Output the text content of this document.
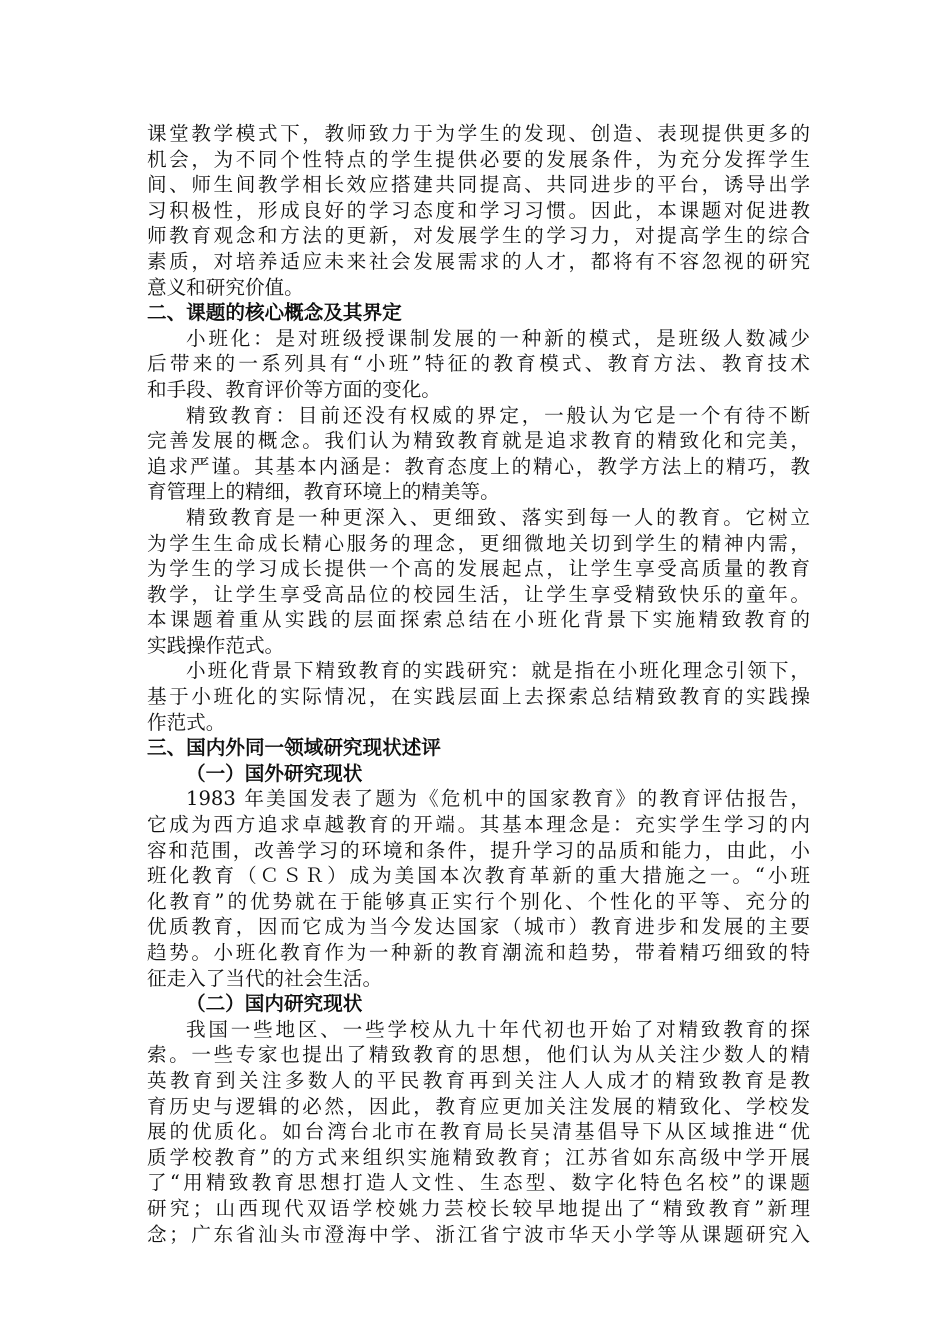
课堂教学模式下，教师致力于为学生的发现、创造、表现提供更多的
机会，为不同个性特点的学生提供必要的发展条件，为充分发挥学生
间、师生间教学相长效应搭建共同提高、共同进步的平台，诱导出学
习积极性，形成良好的学习态度和学习习惯。因此，本课题对促进教
师教育观念和方法的更新，对发展学生的学习力，对提高学生的综合
素质，对培养适应未来社会发展需求的人才，都将有不容忽视的研究
意义和研究价值。
二、课题的核心概念及其界定
小班化：是对班级授课制发展的一种新的模式，是班级人数减少
后带来的一系列具有“小班”特征的教育模式、教育方法、教育技术
和手段、教育评价等方面的变化。
精致教育：目前还没有权威的界定，一般认为它是一个有待不断
完善发展的概念。我们认为精致教育就是追求教育的精致化和完美，
追求严谨。其基本内涵是：教育态度上的精心，教学方法上的精巧，教
育管理上的精细，教育环境上的精美等。
精致教育是一种更深入、更细致、落实到每一人的教育。它树立
为学生生命成长精心服务的理念，更细微地关切到学生的精神内需，
为学生的学习成长提供一个高的发展起点，让学生享受高质量的教育
教学，让学生享受高品位的校园生活，让学生享受精致快乐的童年。
本课题着重从实践的层面探索总结在小班化背景下实施精致教育的
实践操作范式。
小班化背景下精致教育的实践研究：就是指在小班化理念引领下，
基于小班化的实际情况，在实践层面上去探索总结精致教育的实践操
作范式。
三、国内外同一领域研究现状述评
（一）国外研究现状
1983 年美国发表了题为《危机中的国家教育》的教育评估报告，
它成为西方追求卓越教育的开端。其基本理念是：充实学生学习的内
容和范围，改善学习的环境和条件，提升学习的品质和能力，由此，小
班化教育（ＣＳＲ）成为美国本次教育革新的重大措施之一。“小班
化教育”的优势就在于能够真正实行个别化、个性化的平等、充分的
优质教育，因而它成为当今发达国家（城市）教育进步和发展的主要
趋势。小班化教育作为一种新的教育潮流和趋势，带着精巧细致的特
征走入了当代的社会生活。
（二）国内研究现状
我国一些地区、一些学校从九十年代初也开始了对精致教育的探
索。一些专家也提出了精致教育的思想，他们认为从关注少数人的精
英教育到关注多数人的平民教育再到关注人人成才的精致教育是教
育历史与逻辑的必然，因此，教育应更加关注发展的精致化、学校发
展的优质化。如台湾台北市在教育局长吴清基倡导下从区域推进“优
质学校教育”的方式来组织实施精致教育；江苏省如东高级中学开展
了“用精致教育思想打造人文性、生态型、数字化特色名校”的课题
研究；山西现代双语学校姚力芸校长较早地提出了“精致教育”新理
念；广东省汕头市澄海中学、浙江省宁波市华天小学等从课题研究入
